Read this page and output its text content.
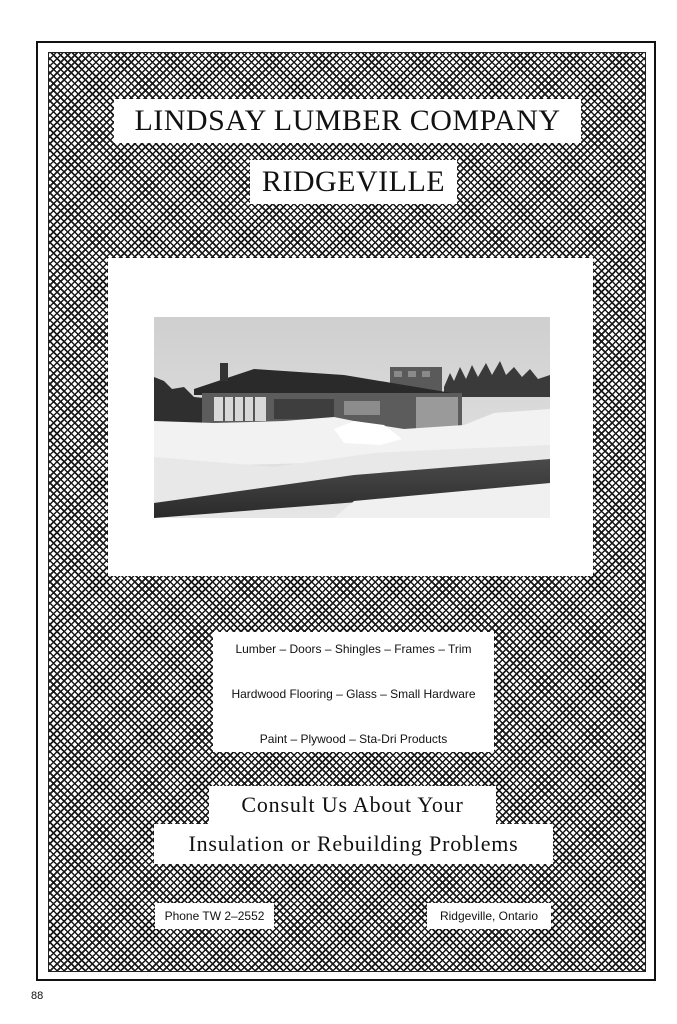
LINDSAY LUMBER COMPANY
RIDGEVILLE
Lumber – Doors – Shingles – Frames – Trim
Hardwood Flooring – Glass – Small Hardware
Paint – Plywood – Sta-Dri Products
Consult Us About Your
Insulation or Rebuilding Problems
Phone TW 2–2552	Ridgeville, Ontario
88
